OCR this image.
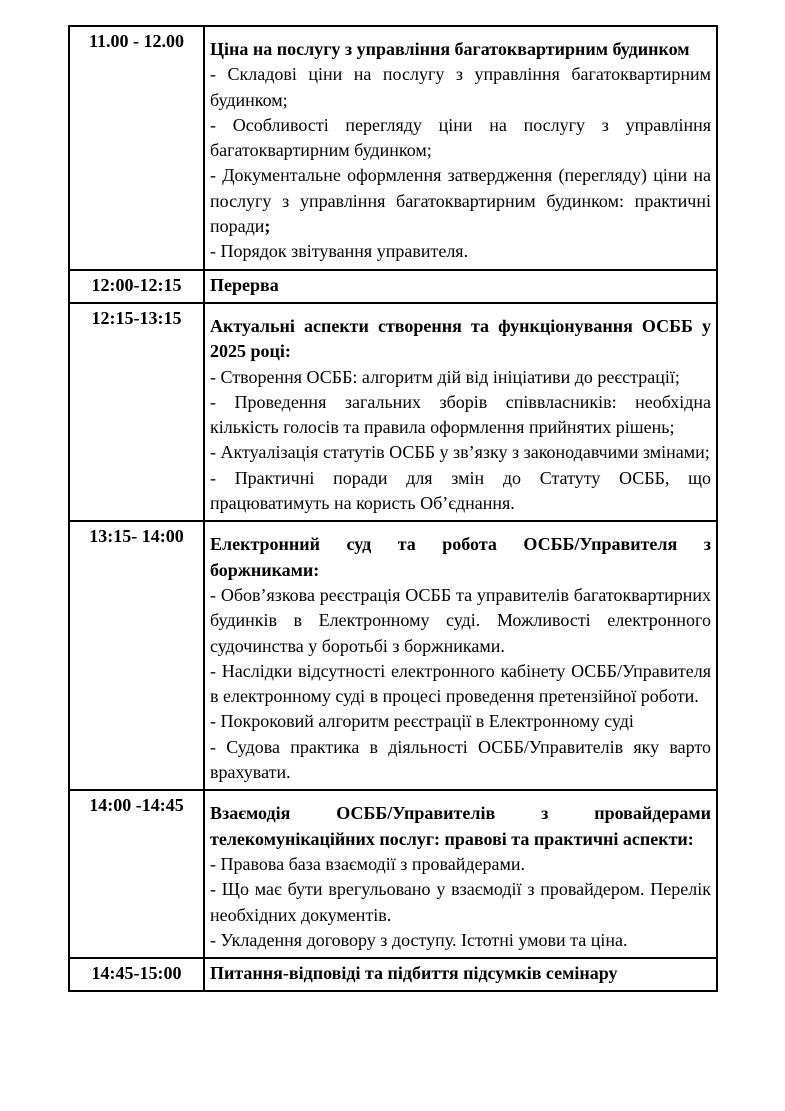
11.00 - 12.00	Ціна на послугу з управління багатоквартирним будинком

- Складові ціни на послугу з управління багатоквартирним будинком;

- Особливості перегляду ціни на послугу з управління багатоквартирним будинком;

- Документальне оформлення затвердження (перегляду) ціни на послугу з управління багатоквартирним будинком: практичні поради;

- Порядок звітування управителя.

12:00-12:15	Перерва

12:15-13:15	Актуальні аспекти створення та функціонування ОСББ у 2025 році:

- Створення ОСББ: алгоритм дій від ініціативи до реєстрації;

- Проведення загальних зборів співвласників: необхідна кількість голосів та правила оформлення прийнятих рішень;

- Актуалізація статутів ОСББ у зв’язку з законодавчими змінами;

- Практичні поради для змін до Статуту ОСББ, що працюватимуть на користь Об’єднання.

13:15- 14:00	Електронний суд та робота ОСББ/Управителя з боржниками:

- Обов’язкова реєстрація ОСББ та управителів багатоквартирних будинків в Електронному суді. Можливості електронного судочинства у боротьбі з боржниками.

- Наслідки відсутності електронного кабінету ОСББ/Управителя в електронному суді в процесі проведення претензійної роботи.

- Покроковий алгоритм реєстрації в Електронному суді

- Судова практика в діяльності ОСББ/Управителів яку варто врахувати.

14:00 -14:45	Взаємодія ОСББ/Управителів з провайдерами телекомунікаційних послуг: правові та практичні аспекти:

- Правова база взаємодії з провайдерами.

- Що має бути врегульовано у взаємодії з провайдером. Перелік необхідних документів.

- Укладення договору з доступу. Істотні умови та ціна.

14:45-15:00	Питання-відповіді та підбиття підсумків семінару
